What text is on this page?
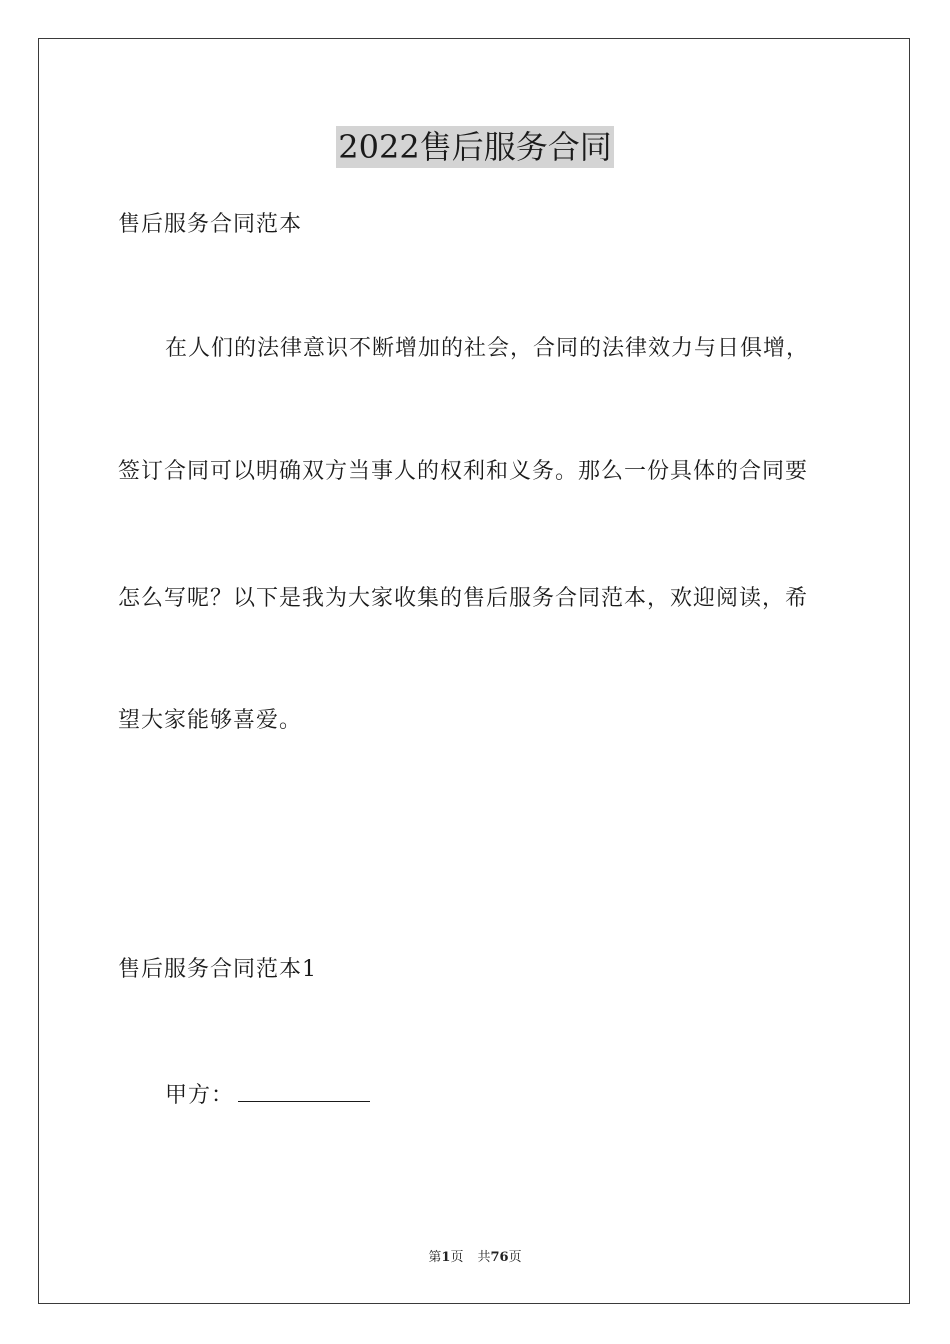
2022售后服务合同
售后服务合同范本
在人们的法律意识不断增加的社会，合同的法律效力与日俱增，
签订合同可以明确双方当事人的权利和义务。那么一份具体的合同要
怎么写呢？以下是我为大家收集的售后服务合同范本，欢迎阅读，希
望大家能够喜爱。
售后服务合同范本1
甲方：
第1页 共76页
